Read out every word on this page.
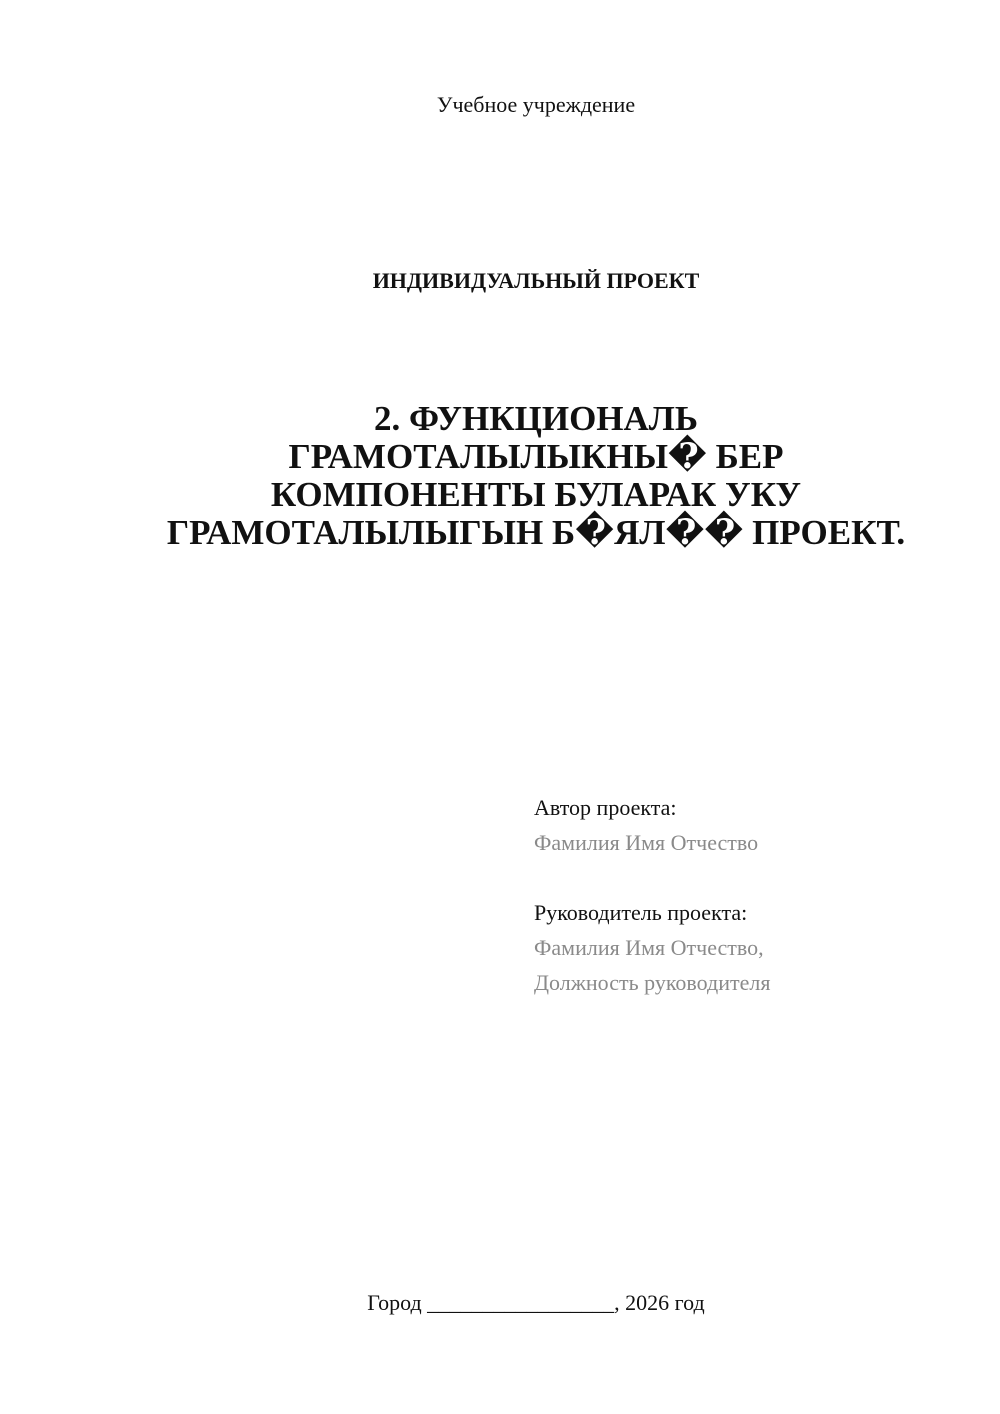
Учебное учреждение
ИНДИВИДУАЛЬНЫЙ ПРОЕКТ
2. ФУНКЦИОНАЛЬ
ГРАМОТАЛЫЛЫКНЫ� БЕР
КОМПОНЕНТЫ БУЛАРАК УКУ
ГРАМОТАЛЫЛЫГЫН Б�ЯЛ�� ПРОЕКТ.
Автор проекта:
Фамилия Имя Отчество
Руководитель проекта:
Фамилия Имя Отчество,
Должность руководителя
Город _________________, 2026 год
